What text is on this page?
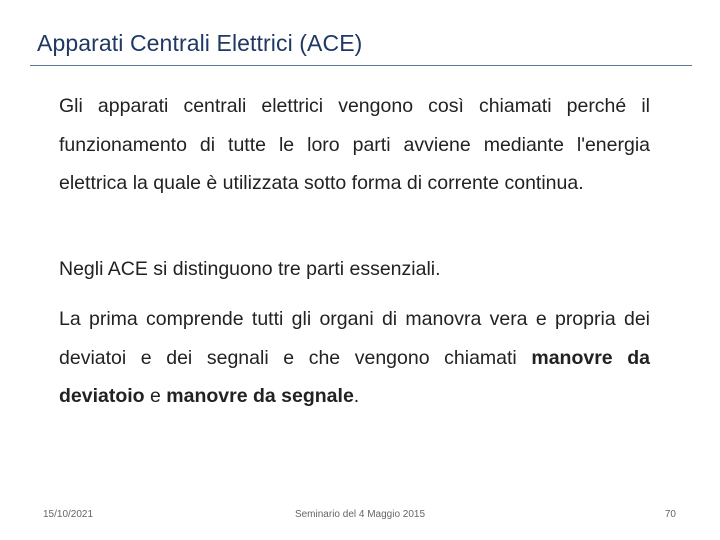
Apparati Centrali Elettrici (ACE)
Gli apparati centrali elettrici vengono così chiamati perché il funzionamento di tutte le loro parti avviene mediante l'energia elettrica la quale è utilizzata sotto forma di corrente continua.
Negli ACE si distinguono tre parti essenziali.
La prima comprende tutti gli organi di manovra vera e propria dei deviatoi e dei segnali e che vengono chiamati manovre da deviatoio e manovre da segnale.
15/10/2021	Seminario del 4 Maggio 2015	70
